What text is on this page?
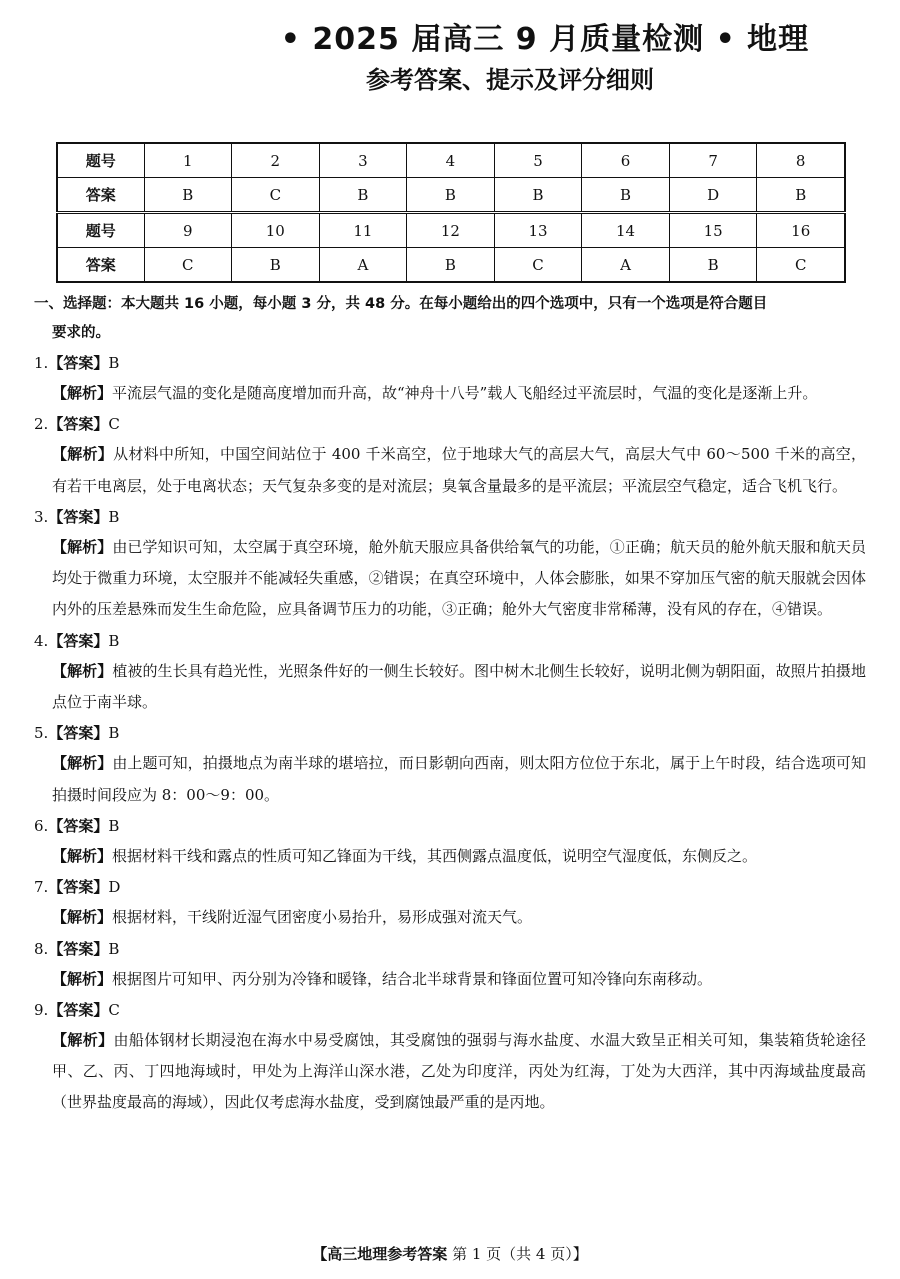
• 2025 届高三 9 月质量检测 • 地理
参考答案、提示及评分细则
题号	1	2	3	4	5	6	7	8
答案	B	C	B	B	B	B	D	B
题号	9	10	11	12	13	14	15	16
答案	C	B	A	B	C	A	B	C

一、选择题：本大题共 16 小题，每小题 3 分，共 48 分。在每小题给出的四个选项中，只有一个选项是符合题目
要求的。

1.【答案】B

【解析】平流层气温的变化是随高度增加而升高，故“神舟十八号”载人飞船经过平流层时，气温的变化是逐渐上升。

2.【答案】C

【解析】从材料中所知，中国空间站位于 400 千米高空，位于地球大气的高层大气，高层大气中 60～500 千米的高空，有若干电离层，处于电离状态；天气复杂多变的是对流层；臭氧含量最多的是平流层；平流层空气稳定，适合飞机飞行。

3.【答案】B

【解析】由已学知识可知，太空属于真空环境，舱外航天服应具备供给氧气的功能，①正确；航天员的舱外航天服和航天员均处于微重力环境，太空服并不能减轻失重感，②错误；在真空环境中，人体会膨胀，如果不穿加压气密的航天服就会因体内外的压差悬殊而发生生命危险，应具备调节压力的功能，③正确；舱外大气密度非常稀薄，没有风的存在，④错误。

4.【答案】B

【解析】植被的生长具有趋光性，光照条件好的一侧生长较好。图中树木北侧生长较好，说明北侧为朝阳面，故照片拍摄地点位于南半球。

5.【答案】B

【解析】由上题可知，拍摄地点为南半球的堪培拉，而日影朝向西南，则太阳方位位于东北，属于上午时段，结合选项可知拍摄时间段应为 8：00～9：00。

6.【答案】B

【解析】根据材料干线和露点的性质可知乙锋面为干线，其西侧露点温度低，说明空气湿度低，东侧反之。

7.【答案】D

【解析】根据材料，干线附近湿气团密度小易抬升，易形成强对流天气。

8.【答案】B

【解析】根据图片可知甲、丙分别为冷锋和暖锋，结合北半球背景和锋面位置可知冷锋向东南移动。

9.【答案】C

【解析】由船体钢材长期浸泡在海水中易受腐蚀，其受腐蚀的强弱与海水盐度、水温大致呈正相关可知，集装箱货轮途径甲、乙、丙、丁四地海域时，甲处为上海洋山深水港，乙处为印度洋，丙处为红海，丁处为大西洋，其中丙海域盐度最高（世界盐度最高的海域），因此仅考虑海水盐度，受到腐蚀最严重的是丙地。

【高三地理参考答案 第 1 页（共 4 页）】
